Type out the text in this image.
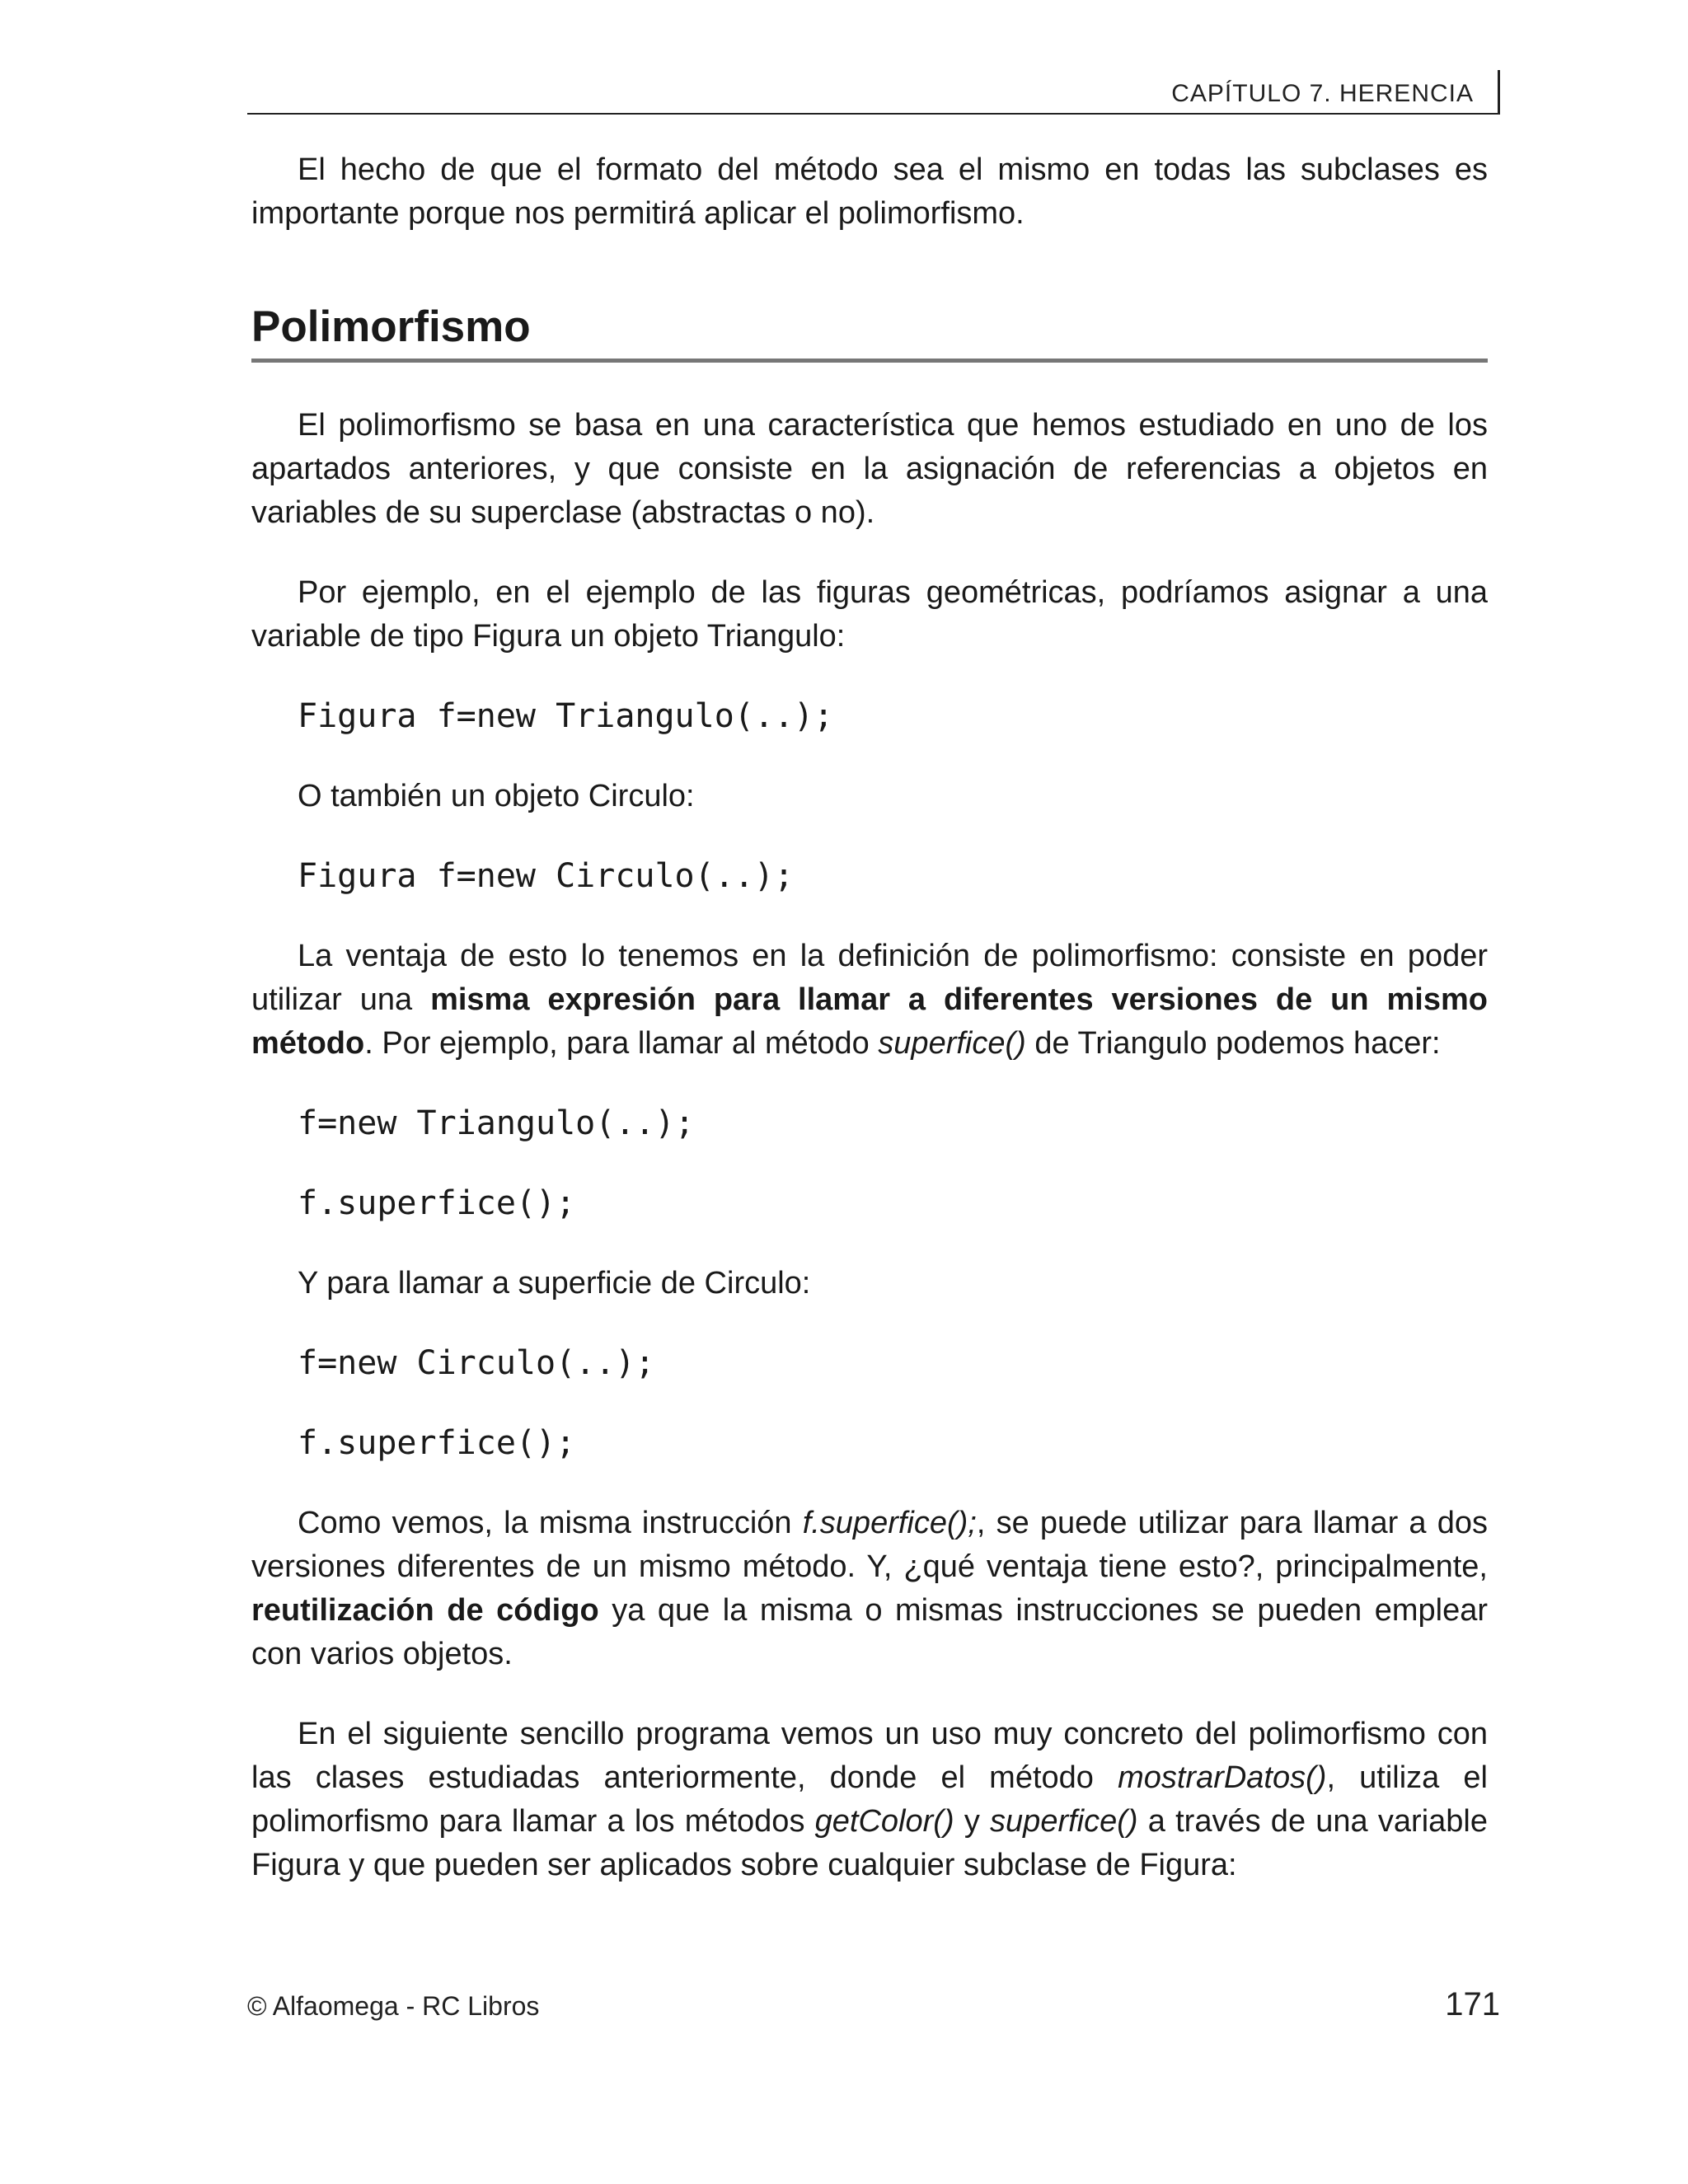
CAPÍTULO 7. HERENCIA

El hecho de que el formato del método sea el mismo en todas las subclases es importante porque nos permitirá aplicar el polimorfismo.

Polimorfismo

El polimorfismo se basa en una característica que hemos estudiado en uno de los apartados anteriores, y que consiste en la asignación de referencias a objetos en variables de su superclase (abstractas o no).

Por ejemplo, en el ejemplo de las figuras geométricas, podríamos asignar a una variable de tipo Figura un objeto Triangulo:

Figura f=new Triangulo(..);
O también un objeto Circulo:
Figura f=new Circulo(..);

La ventaja de esto lo tenemos en la definición de polimorfismo: consiste en poder utilizar una misma expresión para llamar a diferentes versiones de un mismo método. Por ejemplo, para llamar al método superfice() de Triangulo podemos hacer:

f=new Triangulo(..);
f.superfice();
Y para llamar a superficie de Circulo:
f=new Circulo(..);
f.superfice();

Como vemos, la misma instrucción f.superfice();, se puede utilizar para llamar a dos versiones diferentes de un mismo método. Y, ¿qué ventaja tiene esto?, principalmente, reutilización de código ya que la misma o mismas instrucciones se pueden emplear con varios objetos.

En el siguiente sencillo programa vemos un uso muy concreto del polimorfismo con las clases estudiadas anteriormente, donde el método mostrarDatos(), utiliza el polimorfismo para llamar a los métodos getColor() y superfice() a través de una variable Figura y que pueden ser aplicados sobre cualquier subclase de Figura:

© Alfaomega - RC Libros	171
